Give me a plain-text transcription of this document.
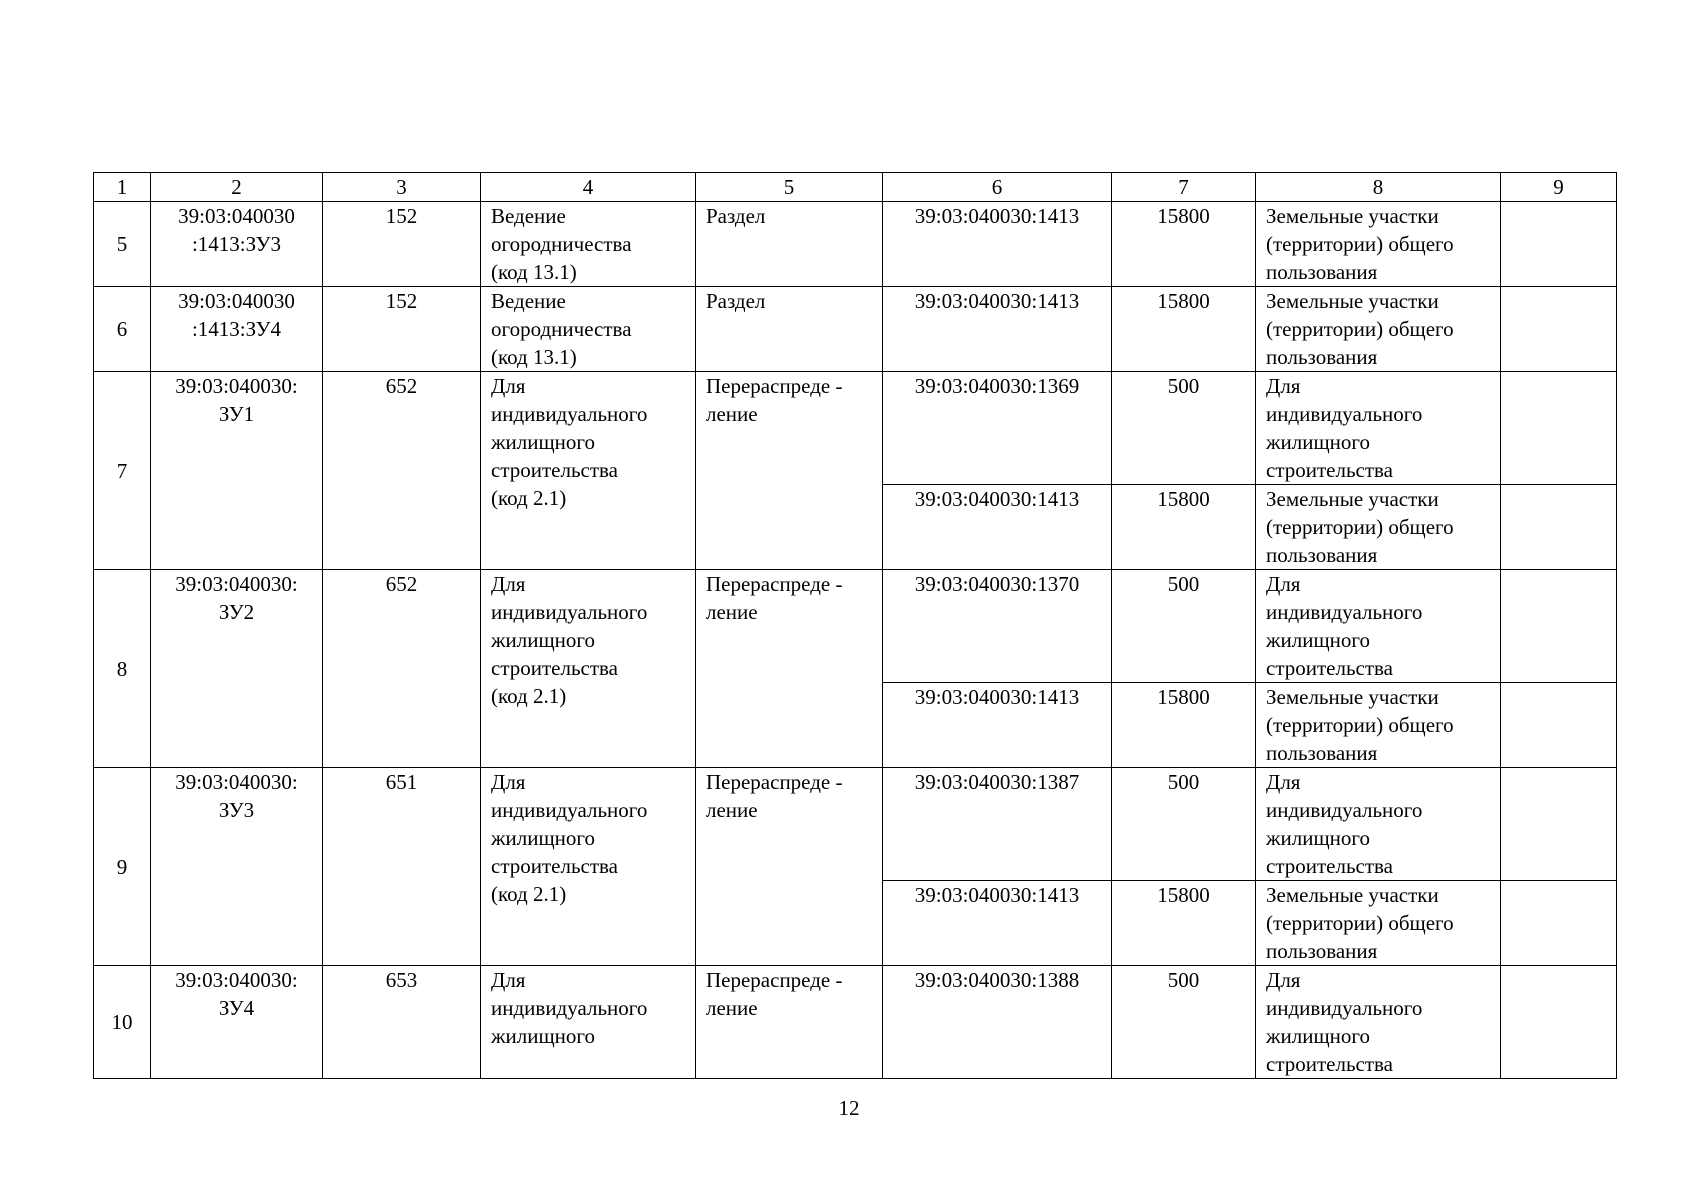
1	2	3	4	5	6	7	8	9
5	39:03:040030
:1413:ЗУ3	152	Ведение
огородничества
(код 13.1)	Раздел	39:03:040030:1413	15800	Земельные участки
(территории) общего
пользования	

6	39:03:040030
:1413:ЗУ4	152	Ведение
огородничества
(код 13.1)	Раздел	39:03:040030:1413	15800	Земельные участки
(территории) общего
пользования	

7	39:03:040030:
ЗУ1	652	Для
индивидуального
жилищного
строительства
(код 2.1)	Перераспреде -
ление	39:03:040030:1369	500	Для
индивидуального
жилищного
строительства	

					39:03:040030:1413	15800	Земельные участки
(территории) общего
пользования	

8	39:03:040030:
ЗУ2	652	Для
индивидуального
жилищного
строительства
(код 2.1)	Перераспреде -
ление	39:03:040030:1370	500	Для
индивидуального
жилищного
строительства	

					39:03:040030:1413	15800	Земельные участки
(территории) общего
пользования	

9	39:03:040030:
ЗУ3	651	Для
индивидуального
жилищного
строительства
(код 2.1)	Перераспреде -
ление	39:03:040030:1387	500	Для
индивидуального
жилищного
строительства	

					39:03:040030:1413	15800	Земельные участки
(территории) общего
пользования	

10	39:03:040030:
ЗУ4	653	Для
индивидуального
жилищного	Перераспреде -
ление	39:03:040030:1388	500	Для
индивидуального
жилищного
строительства	

12
